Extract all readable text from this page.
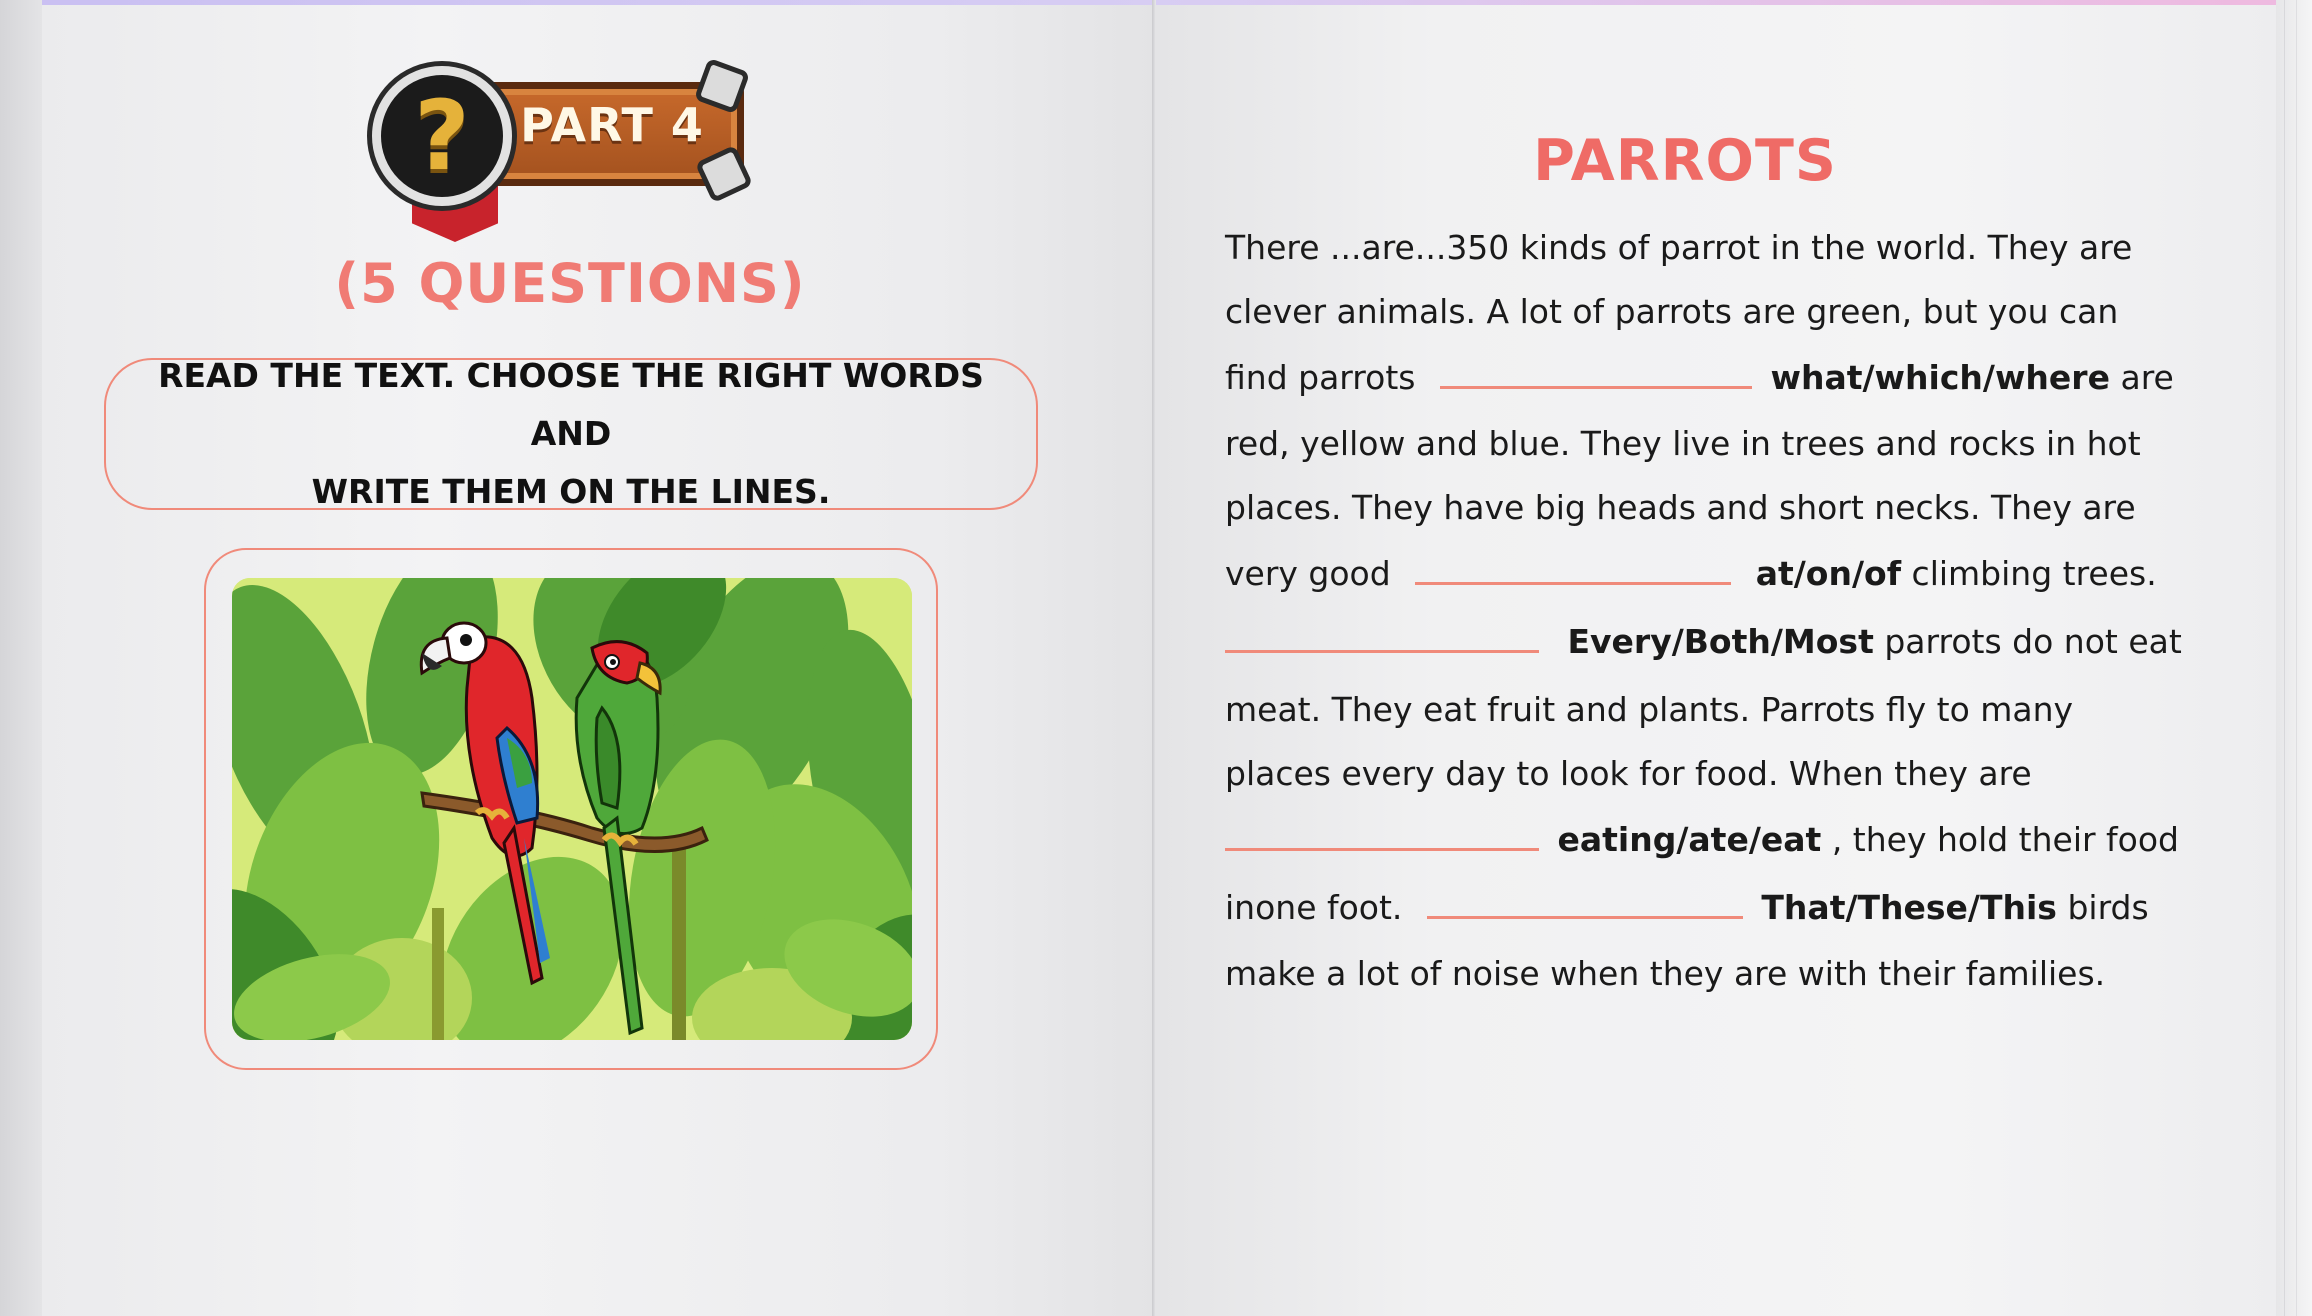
PART 4
?
(5 QUESTIONS)
READ THE TEXT. CHOOSE THE RIGHT WORDS AND
WRITE THEM ON THE LINES.
PARROTS
There ...are...350 kinds of parrot in the world. They are
clever animals. A lot of parrots are green, but you can
find parrots	what/which/where are
red, yellow and blue. They live in trees and rocks in hot
places. They have big heads and short necks. They are
very good	at/on/of climbing trees.
Every/Both/Most parrots do not eat
meat. They eat fruit and plants. Parrots fly to many
places every day to look for food. When they are
eating/ate/eat , they hold their food
inone foot.	That/These/This birds
make a lot of noise when they are with their families.
